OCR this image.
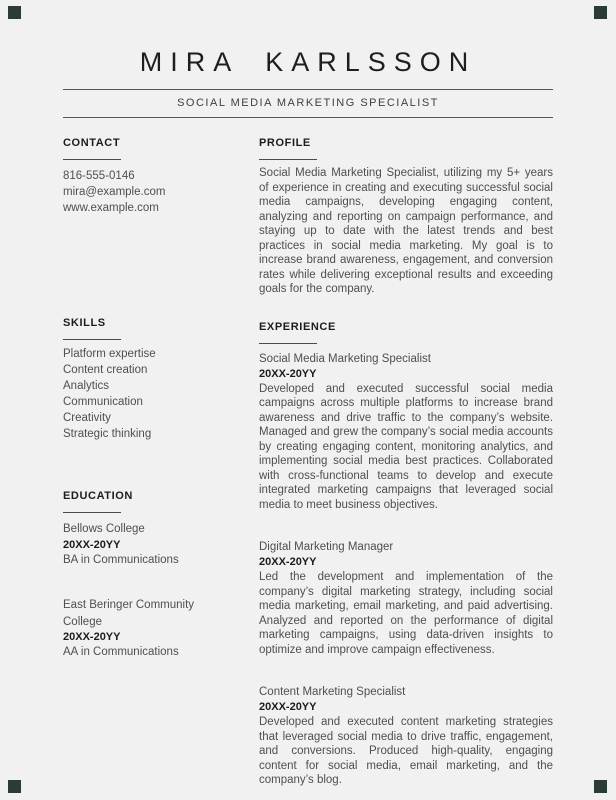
MIRA KARLSSON
SOCIAL MEDIA MARKETING SPECIALIST
CONTACT
816-555-0146
mira@example.com
www.example.com
SKILLS
Platform expertise
Content creation
Analytics
Communication
Creativity
Strategic thinking
EDUCATION
Bellows College
20XX-20YY
BA in Communications
East Beringer Community College
20XX-20YY
AA in Communications
PROFILE

Social Media Marketing Specialist, utilizing my 5+ years of experience in creating and executing successful social media campaigns, developing engaging content, analyzing and reporting on campaign performance, and staying up to date with the latest trends and best practices in social media marketing. My goal is to increase brand awareness, engagement, and conversion rates while delivering exceptional results and exceeding goals for the company.

EXPERIENCE
Social Media Marketing Specialist
20XX-20YY

Developed and executed successful social media campaigns across multiple platforms to increase brand awareness and drive traffic to the company’s website. Managed and grew the company’s social media accounts by creating engaging content, monitoring analytics, and implementing social media best practices. Collaborated with cross-functional teams to develop and execute integrated marketing campaigns that leveraged social media to meet business objectives.

Digital Marketing Manager
20XX-20YY

Led the development and implementation of the company’s digital marketing strategy, including social media marketing, email marketing, and paid advertising. Analyzed and reported on the performance of digital marketing campaigns, using data-driven insights to optimize and improve campaign effectiveness.

Content Marketing Specialist
20XX-20YY

Developed and executed content marketing strategies that leveraged social media to drive traffic, engagement, and conversions. Produced high-quality, engaging content for social media, email marketing, and the company’s blog.
